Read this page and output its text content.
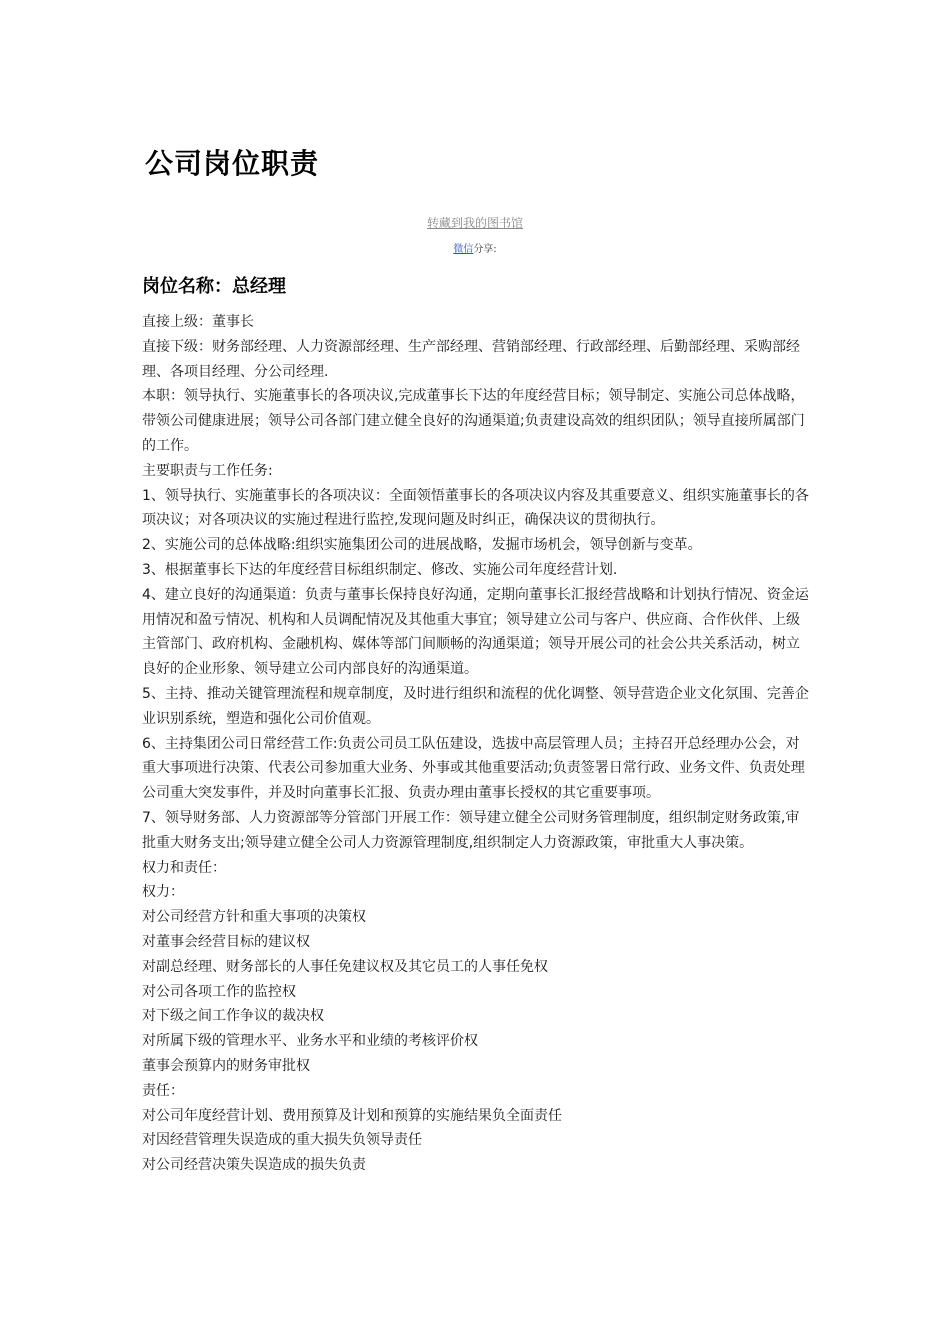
公司岗位职责
转藏到我的图书馆
微信分享:
岗位名称：总经理

直接上级：董事长

直接下级：财务部经理、人力资源部经理、生产部经理、营销部经理、行政部经理、后勤部经理、采购部经理、各项目经理、分公司经理.

本职：领导执行、实施董事长的各项决议,完成董事长下达的年度经营目标；领导制定、实施公司总体战略，带领公司健康进展；领导公司各部门建立健全良好的沟通渠道;负责建设高效的组织团队；领导直接所属部门的工作。

主要职责与工作任务:

1、领导执行、实施董事长的各项决议：全面领悟董事长的各项决议内容及其重要意义、组织实施董事长的各项决议；对各项决议的实施过程进行监控,发现问题及时纠正，确保决议的贯彻执行。

2、实施公司的总体战略:组织实施集团公司的进展战略，发掘市场机会，领导创新与变革。

3、根据董事长下达的年度经营目标组织制定、修改、实施公司年度经营计划.

4、建立良好的沟通渠道：负责与董事长保持良好沟通，定期向董事长汇报经营战略和计划执行情况、资金运用情况和盈亏情况、机构和人员调配情况及其他重大事宜；领导建立公司与客户、供应商、合作伙伴、上级主管部门、政府机构、金融机构、媒体等部门间顺畅的沟通渠道；领导开展公司的社会公共关系活动，树立良好的企业形象、领导建立公司内部良好的沟通渠道。

5、主持、推动关键管理流程和规章制度，及时进行组织和流程的优化调整、领导营造企业文化氛围、完善企业识别系统，塑造和强化公司价值观。

6、主持集团公司日常经营工作:负责公司员工队伍建设，选拔中高层管理人员；主持召开总经理办公会，对重大事项进行决策、代表公司参加重大业务、外事或其他重要活动;负责签署日常行政、业务文件、负责处理公司重大突发事件，并及时向董事长汇报、负责办理由董事长授权的其它重要事项。

7、领导财务部、人力资源部等分管部门开展工作：领导建立健全公司财务管理制度，组织制定财务政策,审批重大财务支出;领导建立健全公司人力资源管理制度,组织制定人力资源政策，审批重大人事决策。

权力和责任：

权力：

对公司经营方针和重大事项的决策权

对董事会经营目标的建议权

对副总经理、财务部长的人事任免建议权及其它员工的人事任免权

对公司各项工作的监控权

对下级之间工作争议的裁决权

对所属下级的管理水平、业务水平和业绩的考核评价权

董事会预算内的财务审批权

责任：

对公司年度经营计划、费用预算及计划和预算的实施结果负全面责任

对因经营管理失误造成的重大损失负领导责任

对公司经营决策失误造成的损失负责
